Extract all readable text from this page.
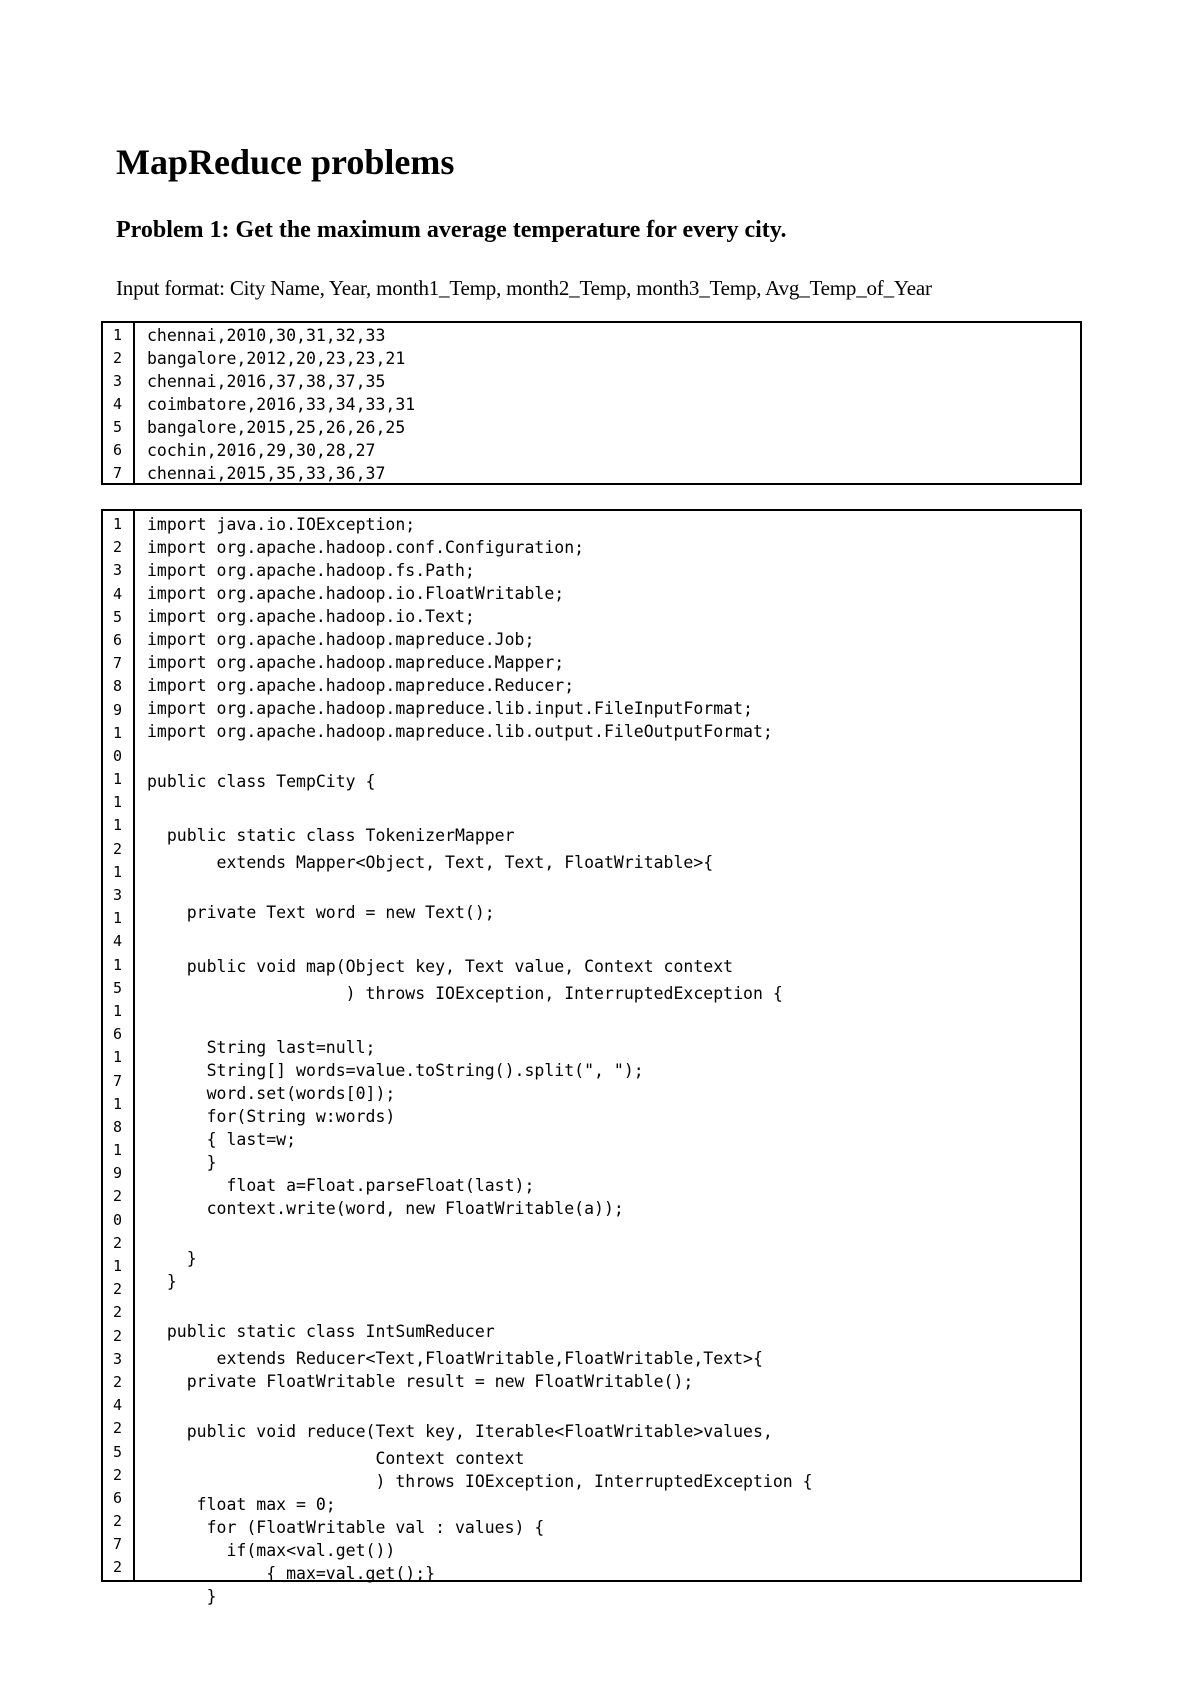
MapReduce problems
Problem 1: Get the maximum average temperature for every city.
Input format: City Name, Year, month1_Temp, month2_Temp, month3_Temp, Avg_Temp_of_Year
1
2
3
4
5
6
7
chennai,2010,30,31,32,33
bangalore,2012,20,23,23,21
chennai,2016,37,38,37,35
coimbatore,2016,33,34,33,31
bangalore,2015,25,26,26,25
cochin,2016,29,30,28,27
chennai,2015,35,33,36,37
1
2
3
4
5
6
7
8
9
1
0
1
1
1
2
1
3
1
4
1
5
1
6
1
7
1
8
1
9
2
0
2
1
2
2
2
3
2
4
2
5
2
6
2
7
2
import java.io.IOException;
import org.apache.hadoop.conf.Configuration;
import org.apache.hadoop.fs.Path;
import org.apache.hadoop.io.FloatWritable;
import org.apache.hadoop.io.Text;
import org.apache.hadoop.mapreduce.Job;
import org.apache.hadoop.mapreduce.Mapper;
import org.apache.hadoop.mapreduce.Reducer;
import org.apache.hadoop.mapreduce.lib.input.FileInputFormat;
import org.apache.hadoop.mapreduce.lib.output.FileOutputFormat;
public class TempCity {
public static class TokenizerMapper
extends Mapper<Object, Text, Text, FloatWritable>{
private Text word = new Text();
public void map(Object key, Text value, Context context
) throws IOException, InterruptedException {
String last=null;
String[] words=value.toString().split(", ");
word.set(words[0]);
for(String w:words)
{ last=w;
}
float a=Float.parseFloat(last);
context.write(word, new FloatWritable(a));
}
}
public static class IntSumReducer
extends Reducer<Text,FloatWritable,FloatWritable,Text>{
private FloatWritable result = new FloatWritable();
public void reduce(Text key, Iterable<FloatWritable>values,
Context context
) throws IOException, InterruptedException {
float max = 0;
for (FloatWritable val : values) {
if(max<val.get())
{ max=val.get();}
}
